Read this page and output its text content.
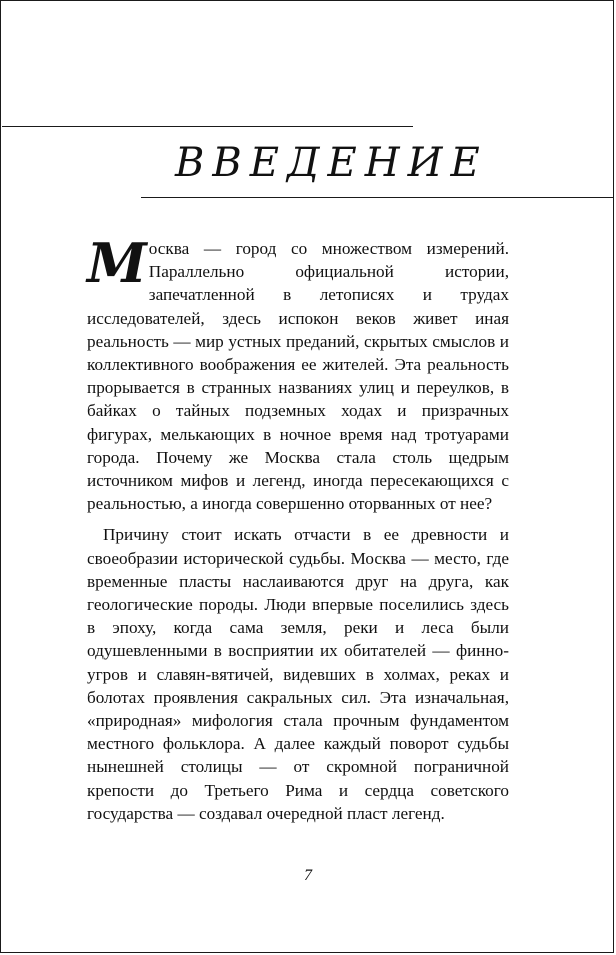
ВВЕДЕНИЕ

Москва — город со множеством измерений. Параллельно официальной истории, запечатленной в летописях и трудах исследователей, здесь испокон веков живет иная реальность — мир устных преданий, скрытых смыслов и коллективного воображения ее жителей. Эта реальность прорывается в странных названиях улиц и переулков, в байках о тайных подземных ходах и призрачных фигурах, мелькающих в ночное время над тротуарами города. Почему же Москва стала столь щедрым источником мифов и легенд, иногда пересекающихся с реальностью, а иногда совершенно оторванных от нее?

Причину стоит искать отчасти в ее древности и своеобразии исторической судьбы. Москва — место, где временные пласты наслаиваются друг на друга, как геологические породы. Люди впервые поселились здесь в эпоху, когда сама земля, реки и леса были одушевленными в восприятии их обитателей — финно-угров и славян-вятичей, видевших в холмах, реках и болотах проявления сакральных сил. Эта изначальная, «природная» мифология стала прочным фундаментом местного фольклора. А далее каждый поворот судьбы нынешней столицы — от скромной пограничной крепости до Третьего Рима и сердца советского государства — создавал очередной пласт легенд.

7
